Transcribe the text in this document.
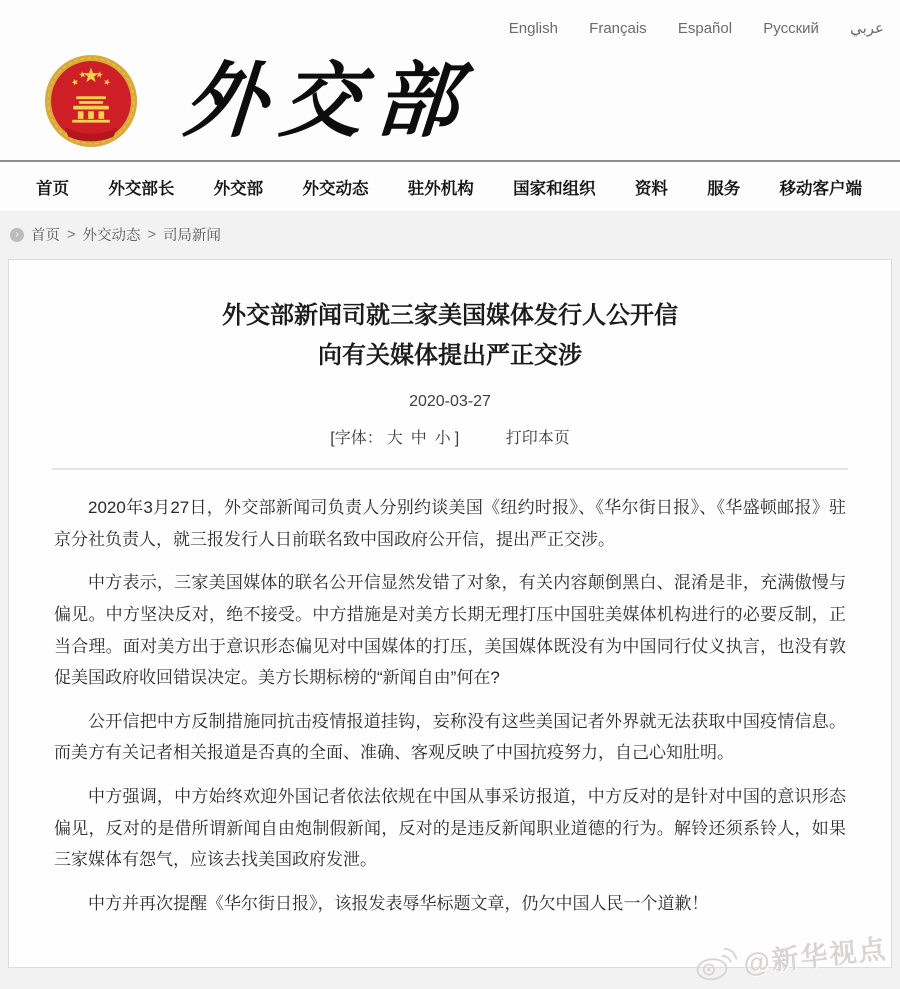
English Français Español Русский عربي
外交部
首页 外交部长 外交部 外交动态 驻外机构 国家和组织 资料 服务 移动客户端
› 首页 > 外交动态 > 司局新闻
外交部新闻司就三家美国媒体发行人公开信
向有关媒体提出严正交涉
2020-03-27
[字体： 大 中 小 ]	打印本页

2020年3月27日，外交部新闻司负责人分别约谈美国《纽约时报》、《华尔街日报》、《华盛顿邮报》驻京分社负责人，就三报发行人日前联名致中国政府公开信，提出严正交涉。

中方表示，三家美国媒体的联名公开信显然发错了对象，有关内容颠倒黑白、混淆是非，充满傲慢与偏见。中方坚决反对，绝不接受。中方措施是对美方长期无理打压中国驻美媒体机构进行的必要反制，正当合理。面对美方出于意识形态偏见对中国媒体的打压，美国媒体既没有为中国同行仗义执言，也没有敦促美国政府收回错误决定。美方长期标榜的“新闻自由”何在?

公开信把中方反制措施同抗击疫情报道挂钩，妄称没有这些美国记者外界就无法获取中国疫情信息。而美方有关记者相关报道是否真的全面、准确、客观反映了中国抗疫努力，自己心知肚明。

中方强调，中方始终欢迎外国记者依法依规在中国从事采访报道，中方反对的是针对中国的意识形态偏见，反对的是借所谓新闻自由炮制假新闻，反对的是违反新闻职业道德的行为。解铃还须系铃人，如果三家媒体有怨气，应该去找美国政府发泄。

中方并再次提醒《华尔街日报》，该报发表辱华标题文章，仍欠中国人民一个道歉！

@新华视点
